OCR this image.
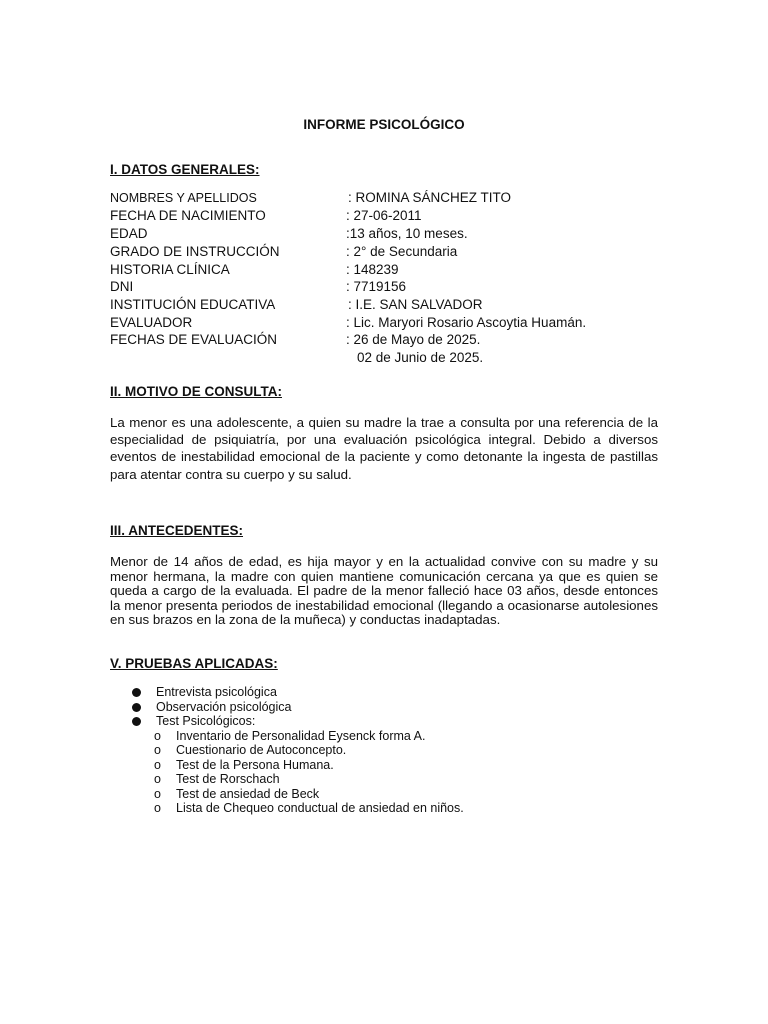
INFORME PSICOLÓGICO
I. DATOS GENERALES:
NOMBRES Y APELLIDOS	: ROMINA SÁNCHEZ TITO
FECHA DE NACIMIENTO	: 27-06-2011
EDAD	:13 años, 10 meses.
GRADO DE INSTRUCCIÓN	: 2° de Secundaria
HISTORIA CLÍNICA	: 148239
DNI	: 7719156
INSTITUCIÓN EDUCATIVA	: I.E. SAN SALVADOR
EVALUADOR	: Lic. Maryori Rosario Ascoytia Huamán.
FECHAS DE EVALUACIÓN	: 26 de Mayo de 2025.
02 de Junio de 2025.
II. MOTIVO DE CONSULTA:
La menor es una adolescente, a quien su madre la trae a consulta por una referencia de la especialidad de psiquiatría, por una evaluación psicológica integral. Debido a diversos eventos de inestabilidad emocional de la paciente y como detonante la ingesta de pastillas para atentar contra su cuerpo y su salud.
III. ANTECEDENTES:
Menor de 14 años de edad, es hija mayor y en la actualidad convive con su madre y su menor hermana, la madre con quien mantiene comunicación cercana ya que es quien se queda a cargo de la evaluada. El padre de la menor falleció hace 03 años, desde entonces la menor presenta periodos de inestabilidad emocional (llegando a ocasionarse autolesiones en sus brazos en la zona de la muñeca) y conductas inadaptadas.
V. PRUEBAS APLICADAS:
Entrevista psicológica
Observación psicológica
Test Psicológicos:
o Inventario de Personalidad Eysenck forma A.
o Cuestionario de Autoconcepto.
o Test de la Persona Humana.
o Test de Rorschach
o Test de ansiedad de Beck
o Lista de Chequeo conductual de ansiedad en niños.
